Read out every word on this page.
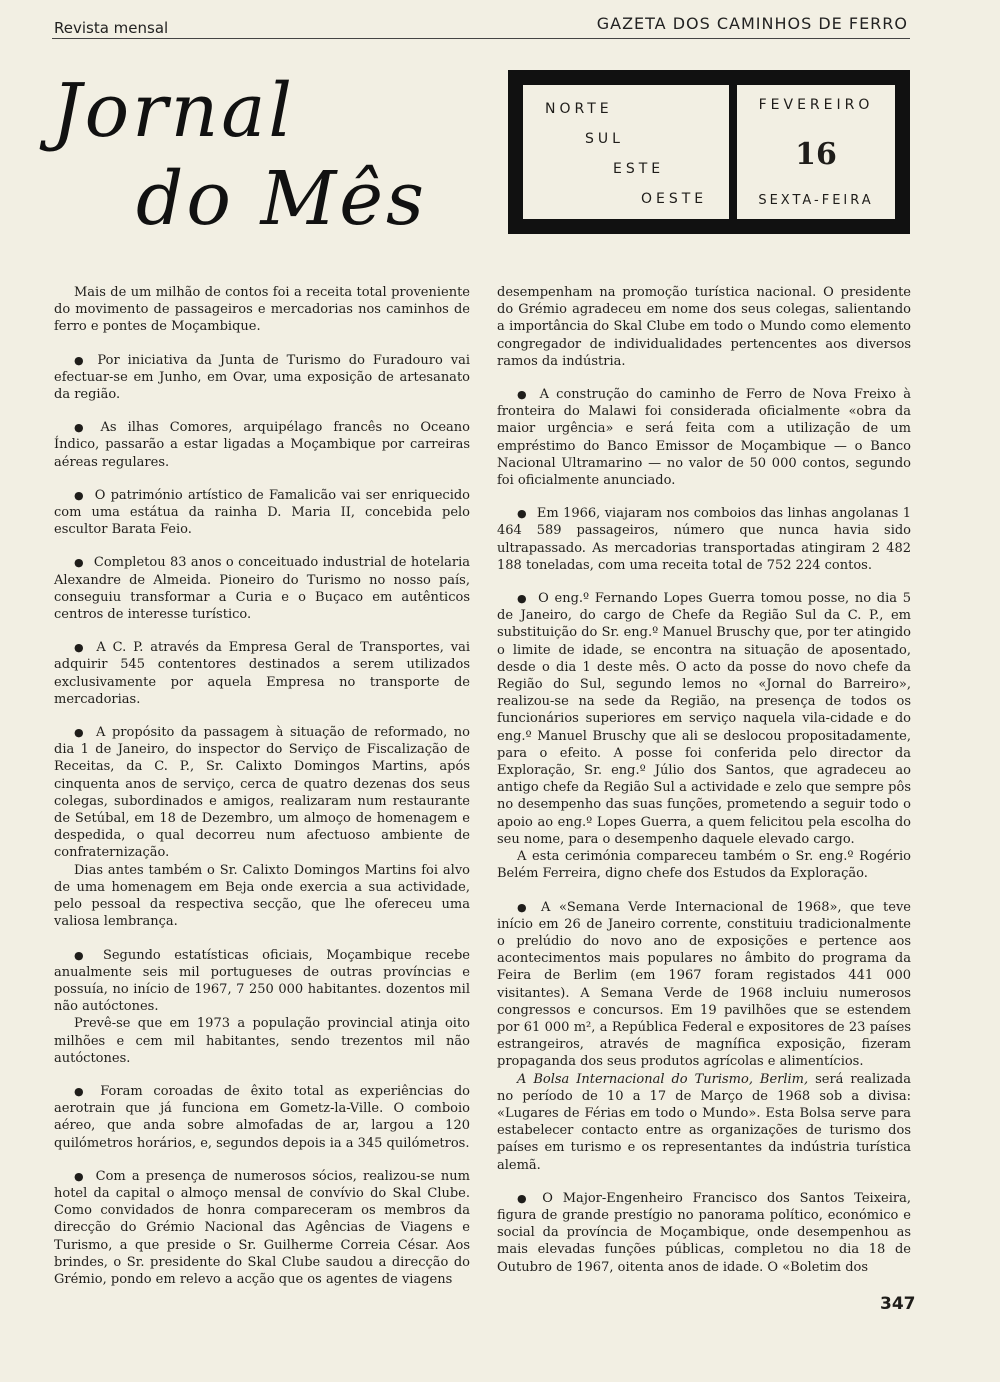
Revista mensal	GAZETA DOS CAMINHOS DE FERRO
Jornal
do Mês
NORTE
SUL
ESTE
OESTE
FEVEREIRO
16
SEXTA-FEIRA

Mais de um milhão de contos foi a receita total proveniente do movimento de passageiros e mercadorias nos caminhos de ferro e pontes de Moçambique.

● Por iniciativa da Junta de Turismo do Furadouro vai efectuar-se em Junho, em Ovar, uma exposição de artesanato da região.

● As ilhas Comores, arquipélago francês no Oceano Índico, passarão a estar ligadas a Moçambique por carreiras aéreas regulares.

● O património artístico de Famalicão vai ser enriquecido com uma estátua da rainha D. Maria II, concebida pelo escultor Barata Feio.

● Completou 83 anos o conceituado industrial de hotelaria Alexandre de Almeida. Pioneiro do Turismo no nosso país, conseguiu transformar a Curia e o Buçaco em autênticos centros de interesse turístico.

● A C. P. através da Empresa Geral de Transportes, vai adquirir 545 contentores destinados a serem utilizados exclusivamente por aquela Empresa no transporte de mercadorias.

● A propósito da passagem à situação de reformado, no dia 1 de Janeiro, do inspector do Serviço de Fiscalização de Receitas, da C. P., Sr. Calixto Domingos Martins, após cinquenta anos de serviço, cerca de quatro dezenas dos seus colegas, subordinados e amigos, realizaram num restaurante de Setúbal, em 18 de Dezembro, um almoço de homenagem e despedida, o qual decorreu num afectuoso ambiente de confraternização.

Dias antes também o Sr. Calixto Domingos Martins foi alvo de uma homenagem em Beja onde exercia a sua actividade, pelo pessoal da respectiva secção, que lhe ofereceu uma valiosa lembrança.

● Segundo estatísticas oficiais, Moçambique recebe anualmente seis mil portugueses de outras províncias e possuía, no início de 1967, 7 250 000 habitantes. dozentos mil não autóctones.

Prevê-se que em 1973 a população provincial atinja oito milhões e cem mil habitantes, sendo trezentos mil não autóctones.

● Foram coroadas de êxito total as experiências do aerotrain que já funciona em Gometz-la-Ville. O comboio aéreo, que anda sobre almofadas de ar, largou a 120 quilómetros horários, e, segundos depois ia a 345 quilómetros.

● Com a presença de numerosos sócios, realizou-se num hotel da capital o almoço mensal de convívio do Skal Clube. Como convidados de honra compareceram os membros da direcção do Grémio Nacional das Agências de Viagens e Turismo, a que preside o Sr. Guilherme Correia César. Aos brindes, o Sr. presidente do Skal Clube saudou a direcção do Grémio, pondo em relevo a acção que os agentes de viagens

desempenham na promoção turística nacional. O presidente do Grémio agradeceu em nome dos seus colegas, salientando a importância do Skal Clube em todo o Mundo como elemento congregador de individualidades pertencentes aos diversos ramos da indústria.

● A construção do caminho de Ferro de Nova Freixo à fronteira do Malawi foi considerada oficialmente «obra da maior urgência» e será feita com a utilização de um empréstimo do Banco Emissor de Moçambique — o Banco Nacional Ultramarino — no valor de 50 000 contos, segundo foi oficialmente anunciado.

● Em 1966, viajaram nos comboios das linhas angolanas 1 464 589 passageiros, número que nunca havia sido ultrapassado. As mercadorias transportadas atingiram 2 482 188 toneladas, com uma receita total de 752 224 contos.

● O eng.º Fernando Lopes Guerra tomou posse, no dia 5 de Janeiro, do cargo de Chefe da Região Sul da C. P., em substituição do Sr. eng.º Manuel Bruschy que, por ter atingido o limite de idade, se encontra na situação de aposentado, desde o dia 1 deste mês. O acto da posse do novo chefe da Região do Sul, segundo lemos no «Jornal do Barreiro», realizou-se na sede da Região, na presença de todos os funcionários superiores em serviço naquela vila-cidade e do eng.º Manuel Bruschy que ali se deslocou propositadamente, para o efeito. A posse foi conferida pelo director da Exploração, Sr. eng.º Júlio dos Santos, que agradeceu ao antigo chefe da Região Sul a actividade e zelo que sempre pôs no desempenho das suas funções, prometendo a seguir todo o apoio ao eng.º Lopes Guerra, a quem felicitou pela escolha do seu nome, para o desempenho daquele elevado cargo.

A esta cerimónia compareceu também o Sr. eng.º Rogério Belém Ferreira, digno chefe dos Estudos da Exploração.

● A «Semana Verde Internacional de 1968», que teve início em 26 de Janeiro corrente, constituiu tradicionalmente o prelúdio do novo ano de exposições e pertence aos acontecimentos mais populares no âmbito do programa da Feira de Berlim (em 1967 foram registados 441 000 visitantes). A Semana Verde de 1968 incluiu numerosos congressos e concursos. Em 19 pavilhões que se estendem por 61 000 m², a República Federal e expositores de 23 países estrangeiros, através de magnífica exposição, fizeram propaganda dos seus produtos agrícolas e alimentícios.

A Bolsa Internacional do Turismo, Berlim, será realizada no período de 10 a 17 de Março de 1968 sob a divisa: «Lugares de Férias em todo o Mundo». Esta Bolsa serve para estabelecer contacto entre as organizações de turismo dos países em turismo e os representantes da indústria turística alemã.

● O Major-Engenheiro Francisco dos Santos Teixeira, figura de grande prestígio no panorama político, económico e social da província de Moçambique, onde desempenhou as mais elevadas funções públicas, completou no dia 18 de Outubro de 1967, oitenta anos de idade. O «Boletim dos

347
